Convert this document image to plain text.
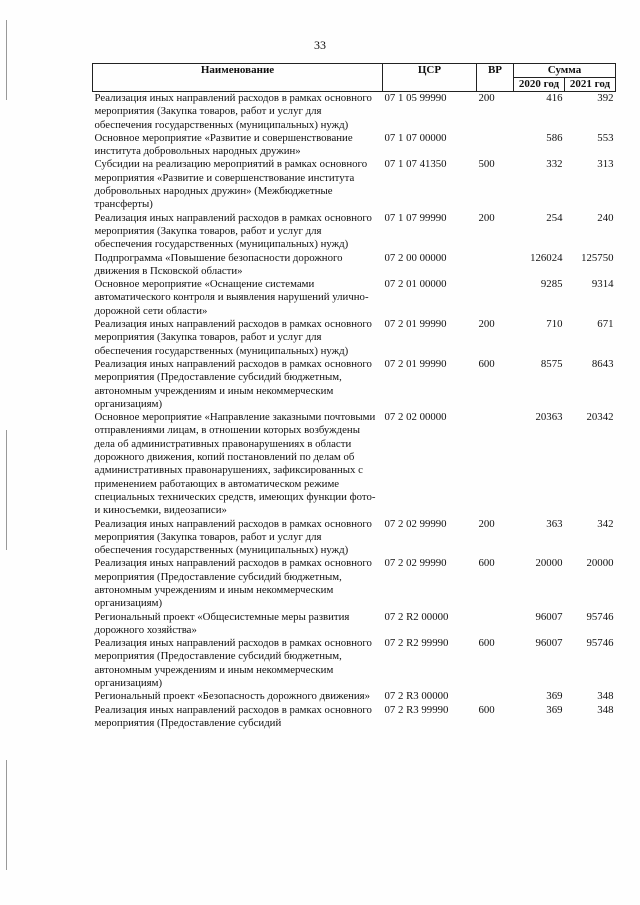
33
Наименование	ЦСР	ВР	Сумма	
			2020 год	2021 год
Реализация иных направлений расходов в рамках основного мероприятия (Закупка товаров, работ и услуг для обеспечения государственных (муниципальных) нужд)	07 1 05 99990	200	416	392
Основное мероприятие «Развитие и совершенствование института добровольных народных дружин»	07 1 07 00000		586	553
Субсидии на реализацию мероприятий в рамках основного мероприятия «Развитие и совершенствование института добровольных народных дружин» (Межбюджетные трансферты)	07 1 07 41350	500	332	313
Реализация иных направлений расходов в рамках основного мероприятия (Закупка товаров, работ и услуг для обеспечения государственных (муниципальных) нужд)	07 1 07 99990	200	254	240
Подпрограмма «Повышение безопасности дорожного движения в Псковской области»	07 2 00 00000		126024	125750
Основное мероприятие «Оснащение системами автоматического контроля и выявления нарушений улично-дорожной сети области»	07 2 01 00000		9285	9314
Реализация иных направлений расходов в рамках основного мероприятия (Закупка товаров, работ и услуг для обеспечения государственных (муниципальных) нужд)	07 2 01 99990	200	710	671
Реализация иных направлений расходов в рамках основного мероприятия (Предоставление субсидий бюджетным, автономным учреждениям и иным некоммерческим организациям)	07 2 01 99990	600	8575	8643
Основное мероприятие «Направление заказными почтовыми отправлениями лицам, в отношении которых возбуждены дела об административных правонарушениях в области дорожного движения, копий постановлений по делам об административных правонарушениях, зафиксированных с применением работающих в автоматическом режиме специальных технических средств, имеющих функции фото- и киносъемки, видеозаписи»	07 2 02 00000		20363	20342
Реализация иных направлений расходов в рамках основного мероприятия (Закупка товаров, работ и услуг для обеспечения государственных (муниципальных) нужд)	07 2 02 99990	200	363	342
Реализация иных направлений расходов в рамках основного мероприятия (Предоставление субсидий бюджетным, автономным учреждениям и иным некоммерческим организациям)	07 2 02 99990	600	20000	20000
Региональный проект «Общесистемные меры развития дорожного хозяйства»	07 2 R2 00000		96007	95746
Реализация иных направлений расходов в рамках основного мероприятия (Предоставление субсидий бюджетным, автономным учреждениям и иным некоммерческим организациям)	07 2 R2 99990	600	96007	95746
Региональный проект «Безопасность дорожного движения»	07 2 R3 00000		369	348
Реализация иных направлений расходов в рамках основного мероприятия (Предоставление субсидий	07 2 R3 99990	600	369	348
